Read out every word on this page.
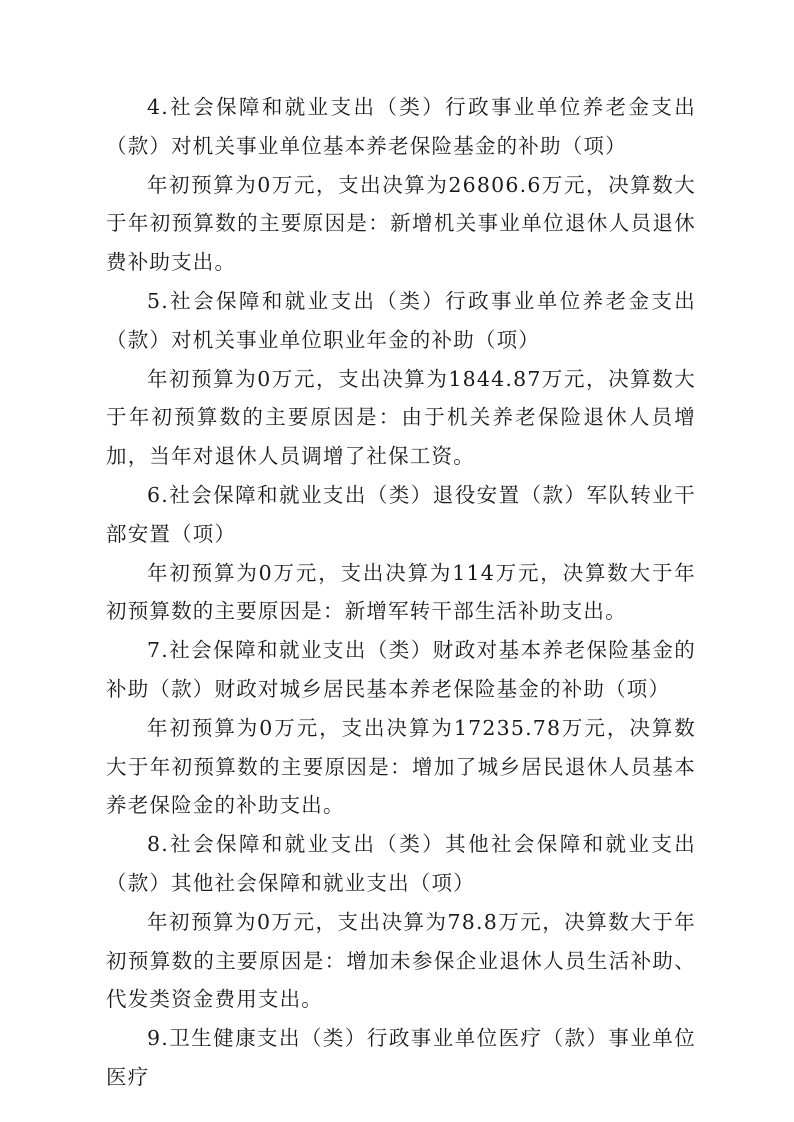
4.社会保障和就业支出（类）行政事业单位养老金支出（款）对机关事业单位基本养老保险基金的补助（项）

年初预算为0万元，支出决算为26806.6万元，决算数大于年初预算数的主要原因是：新增机关事业单位退休人员退休费补助支出。

5.社会保障和就业支出（类）行政事业单位养老金支出（款）对机关事业单位职业年金的补助（项）

年初预算为0万元，支出决算为1844.87万元，决算数大于年初预算数的主要原因是：由于机关养老保险退休人员增加，当年对退休人员调增了社保工资。

6.社会保障和就业支出（类）退役安置（款）军队转业干部安置（项）

年初预算为0万元，支出决算为114万元，决算数大于年初预算数的主要原因是：新增军转干部生活补助支出。

7.社会保障和就业支出（类）财政对基本养老保险基金的补助（款）财政对城乡居民基本养老保险基金的补助（项）

年初预算为0万元，支出决算为17235.78万元，决算数大于年初预算数的主要原因是：增加了城乡居民退休人员基本养老保险金的补助支出。

8.社会保障和就业支出（类）其他社会保障和就业支出（款）其他社会保障和就业支出（项）

年初预算为0万元，支出决算为78.8万元，决算数大于年初预算数的主要原因是：增加未参保企业退休人员生活补助、代发类资金费用支出。

9.卫生健康支出（类）行政事业单位医疗（款）事业单位医疗
